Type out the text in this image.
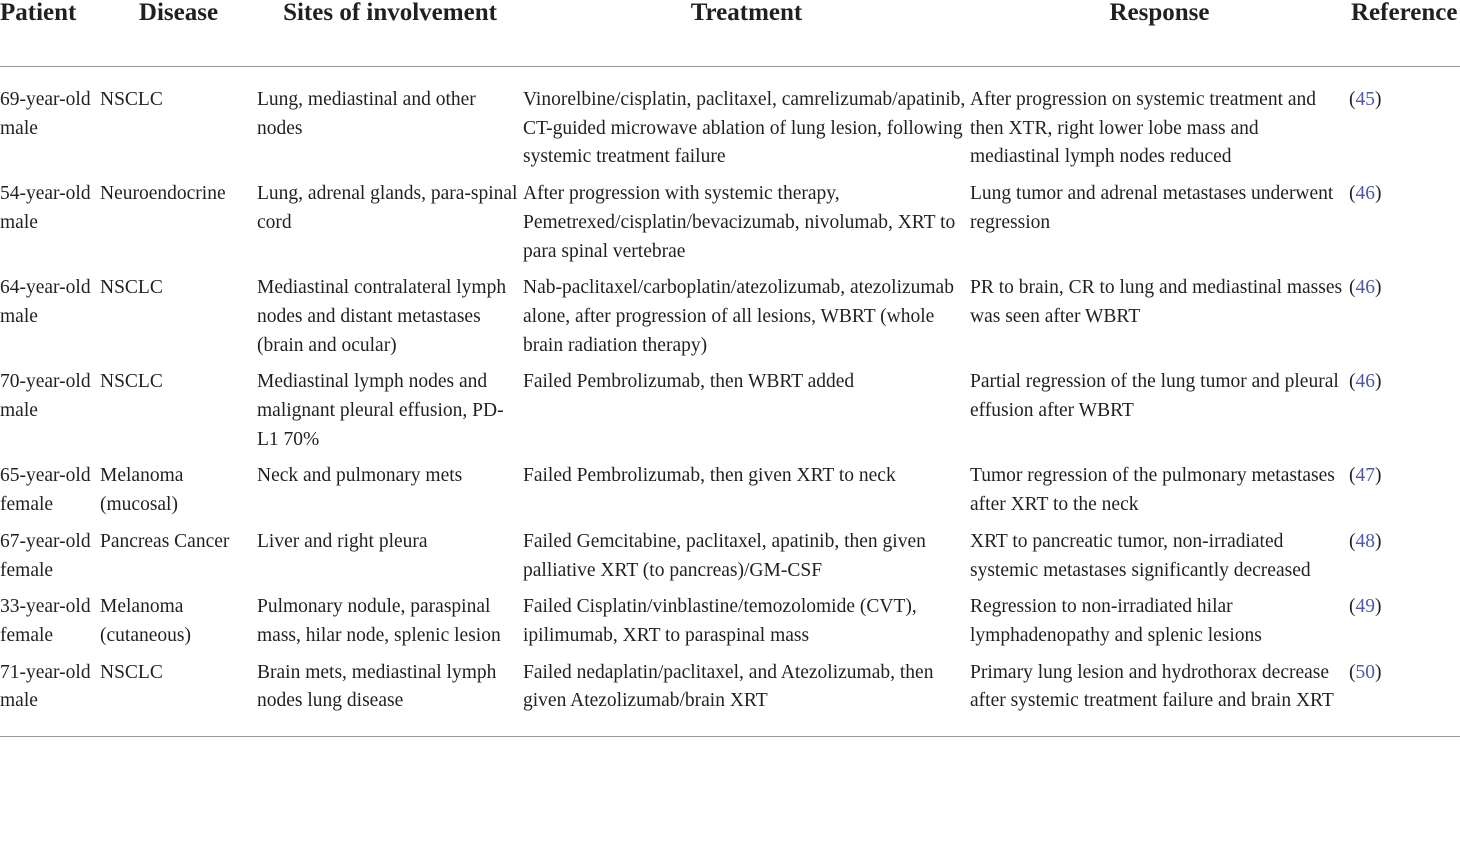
Patient	Disease	Sites of involvement	Treatment	Response	Reference
69-year-old male	NSCLC	Lung, mediastinal and other nodes	Vinorelbine/cisplatin, paclitaxel, camrelizumab/apatinib, CT-guided microwave ablation of lung lesion, following systemic treatment failure	After progression on systemic treatment and then XTR, right lower lobe mass and mediastinal lymph nodes reduced	(45)
54-year-old male	Neuroendocrine	Lung, adrenal glands, para-spinal cord	After progression with systemic therapy, Pemetrexed/cisplatin/bevacizumab, nivolumab, XRT to para spinal vertebrae	Lung tumor and adrenal metastases underwent regression	(46)
64-year-old male	NSCLC	Mediastinal contralateral lymph nodes and distant metastases (brain and ocular)	Nab-paclitaxel/carboplatin/atezolizumab, atezolizumab alone, after progression of all lesions, WBRT (whole brain radiation therapy)	PR to brain, CR to lung and mediastinal masses was seen after WBRT	(46)
70-year-old male	NSCLC	Mediastinal lymph nodes and malignant pleural effusion, PD-L1 70%	Failed Pembrolizumab, then WBRT added	Partial regression of the lung tumor and pleural effusion after WBRT	(46)
65-year-old female	Melanoma (mucosal)	Neck and pulmonary mets	Failed Pembrolizumab, then given XRT to neck	Tumor regression of the pulmonary metastases after XRT to the neck	(47)
67-year-old female	Pancreas Cancer	Liver and right pleura	Failed Gemcitabine, paclitaxel, apatinib, then given palliative XRT (to pancreas)/GM-CSF	XRT to pancreatic tumor, non-irradiated systemic metastases significantly decreased	(48)
33-year-old female	Melanoma (cutaneous)	Pulmonary nodule, paraspinal mass, hilar node, splenic lesion	Failed Cisplatin/vinblastine/temozolomide (CVT), ipilimumab, XRT to paraspinal mass	Regression to non-irradiated hilar lymphadenopathy and splenic lesions	(49)
71-year-old male	NSCLC	Brain mets, mediastinal lymph nodes lung disease	Failed nedaplatin/paclitaxel, and Atezolizumab, then given Atezolizumab/brain XRT	Primary lung lesion and hydrothorax decrease after systemic treatment failure and brain XRT	(50)
